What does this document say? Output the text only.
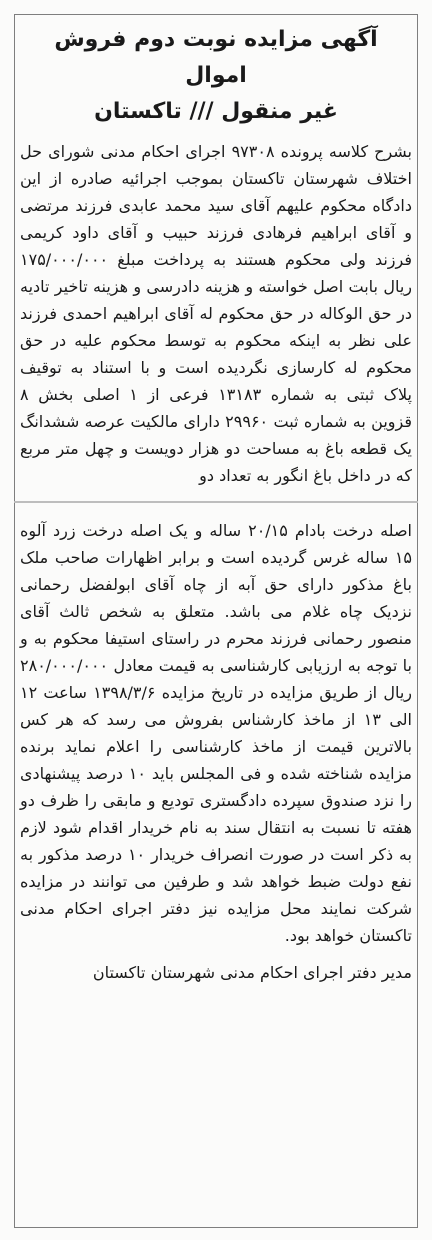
آگهی مزایده نوبت دوم فروش اموال
غیر منقول /// تاکستان

بشرح کلاسه پرونده ۹۷۳۰۸ اجرای احکام مدنی شورای حل اختلاف شهرستان تاکستان بموجب اجرائیه صادره از این دادگاه محکوم علیهم آقای سید محمد عابدی فرزند مرتضی و آقای ابراهیم فرهادی فرزند حبیب و آقای داود کریمی فرزند ولی محکوم هستند به پرداخت مبلغ ۱۷۵/۰۰۰/۰۰۰ ریال بابت اصل خواسته و هزینه دادرسی و هزینه تاخیر تادیه در حق الوکاله در حق محکوم له آقای ابراهیم احمدی فرزند علی نظر به اینکه محکوم به توسط محکوم علیه در حق محکوم له کارسازی نگردیده است و با استناد به توقیف پلاک ثبتی به شماره ۱۳۱۸۳ فرعی از ۱ اصلی بخش ۸ قزوین به شماره ثبت ۲۹۹۶۰ دارای مالکیت عرصه ششدانگ یک قطعه باغ به مساحت دو هزار دویست و چهل متر مربع که در داخل باغ انگور به تعداد دو

اصله درخت بادام ۲۰/۱۵ ساله و یک اصله درخت زرد آلوه ۱۵ ساله غرس گردیده است و برابر اظهارات صاحب ملک باغ مذکور دارای حق آبه از چاه آقای ابولفضل رحمانی نزدیک چاه غلام می باشد. متعلق به شخص ثالث آقای منصور رحمانی فرزند محرم در راستای استیفا محکوم به و با توجه به ارزیابی کارشناسی به قیمت معادل ۲۸۰/۰۰۰/۰۰۰ ریال از طریق مزایده در تاریخ مزایده ۱۳۹۸/۳/۶ ساعت ۱۲ الی ۱۳ از ماخذ کارشناس بفروش می رسد که هر کس بالاترین قیمت از ماخذ کارشناسی را اعلام نماید برنده مزایده شناخته شده و فی المجلس باید ۱۰ درصد پیشنهادی را نزد صندوق سپرده دادگستری تودیع و مابقی را ظرف دو هفته تا نسبت به انتقال سند به نام خریدار اقدام شود لازم به ذکر است در صورت انصراف خریدار ۱۰ درصد مذکور به نفع دولت ضبط خواهد شد و طرفین می توانند در مزایده شرکت نمایند محل مزایده نیز دفتر اجرای احکام مدنی تاکستان خواهد بود.

مدیر دفتر اجرای احکام مدنی شهرستان تاکستان
